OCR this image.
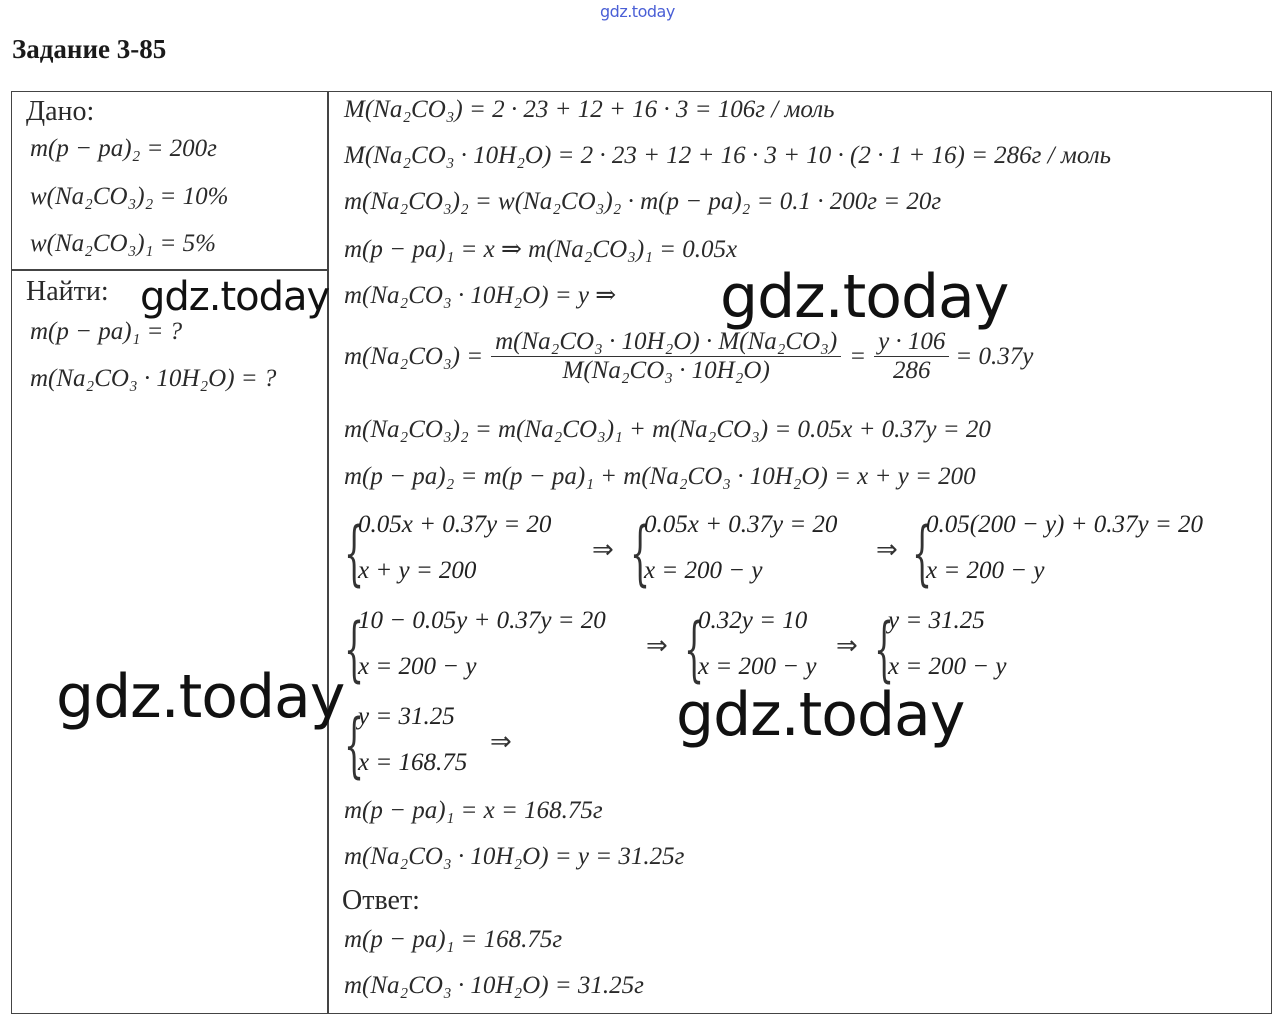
gdz.today
Задание 3-85
Дано:
m(p − pa)₂ = 200г
w(Na₂CO₃)₂ = 10%
w(Na₂CO₃)₁ = 5%
Найти:
m(p − pa)₁ = ?
m(Na₂CO₃ · 10H₂O) = ?
M(Na₂CO₃) = 2 · 23 + 12 + 16 · 3 = 106г / моль
M(Na₂CO₃ · 10H₂O) = 2 · 23 + 12 + 16 · 3 + 10 · (2 · 1 + 16) = 286г / моль
m(Na₂CO₃)₂ = w(Na₂CO₃)₂ · m(p − pa)₂ = 0.1 · 200г = 20г
m(p − pa)₁ = x ⇒ m(Na₂CO₃)₁ = 0.05x
m(Na₂CO₃ · 10H₂O) = y ⇒
$m(Na_2CO_3) = \frac{\text{m(Na₂CO₃ · 10H₂O) · M(Na₂CO₃)}}{\text{M(Na₂CO₃ · 10H₂O)}} = \frac{y \cdot 106}{286} = 0.37y$
m(Na₂CO₃)₂ = m(Na₂CO₃)₁ + m(Na₂CO₃) = 0.05x + 0.37y = 20
m(p − pa)₂ = m(p − pa)₁ + m(Na₂CO₃ · 10H₂O) = x + y = 200
{
0.05x + 0.37y = 20
x + y = 200
⇒ {
0.05x + 0.37y = 20
x = 200 − y
⇒ {
0.05(200 − y) + 0.37y = 20
x = 200 − y
{
10 − 0.05y + 0.37y = 20
x = 200 − y
⇒ {
0.32y = 10
x = 200 − y
⇒ {
y = 31.25
x = 200 − y
{
y = 31.25
x = 168.75
⇒
m(p − pa)₁ = x = 168.75г
m(Na₂CO₃ · 10H₂O) = y = 31.25г
Ответ:
m(p − pa)₁ = 168.75г
m(Na₂CO₃ · 10H₂O) = 31.25г
gdz.today	gdz.today
gdz.today	gdz.today
